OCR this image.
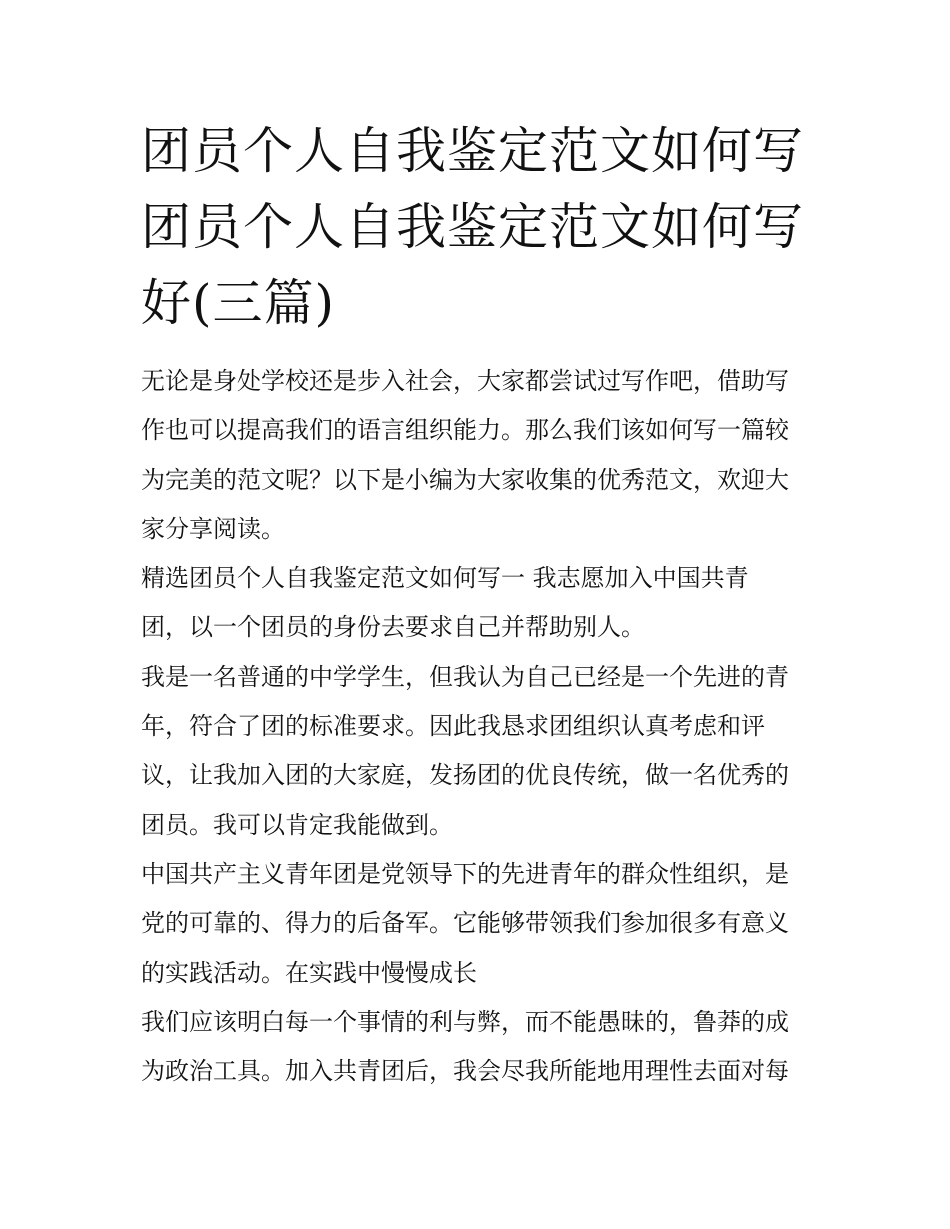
团员个人自我鉴定范文如何写
团员个人自我鉴定范文如何写
好(三篇)
无论是身处学校还是步入社会，大家都尝试过写作吧，借助写
作也可以提高我们的语言组织能力。那么我们该如何写一篇较
为完美的范文呢？以下是小编为大家收集的优秀范文，欢迎大
家分享阅读。
精选团员个人自我鉴定范文如何写一 我志愿加入中国共青
团，以一个团员的身份去要求自己并帮助别人。
我是一名普通的中学学生，但我认为自己已经是一个先进的青
年，符合了团的标准要求。因此我恳求团组织认真考虑和评
议，让我加入团的大家庭，发扬团的优良传统，做一名优秀的
团员。我可以肯定我能做到。
中国共产主义青年团是党领导下的先进青年的群众性组织，是
党的可靠的、得力的后备军。它能够带领我们参加很多有意义
的实践活动。在实践中慢慢成长
我们应该明白每一个事情的利与弊，而不能愚昧的，鲁莽的成
为政治工具。加入共青团后，我会尽我所能地用理性去面对每
